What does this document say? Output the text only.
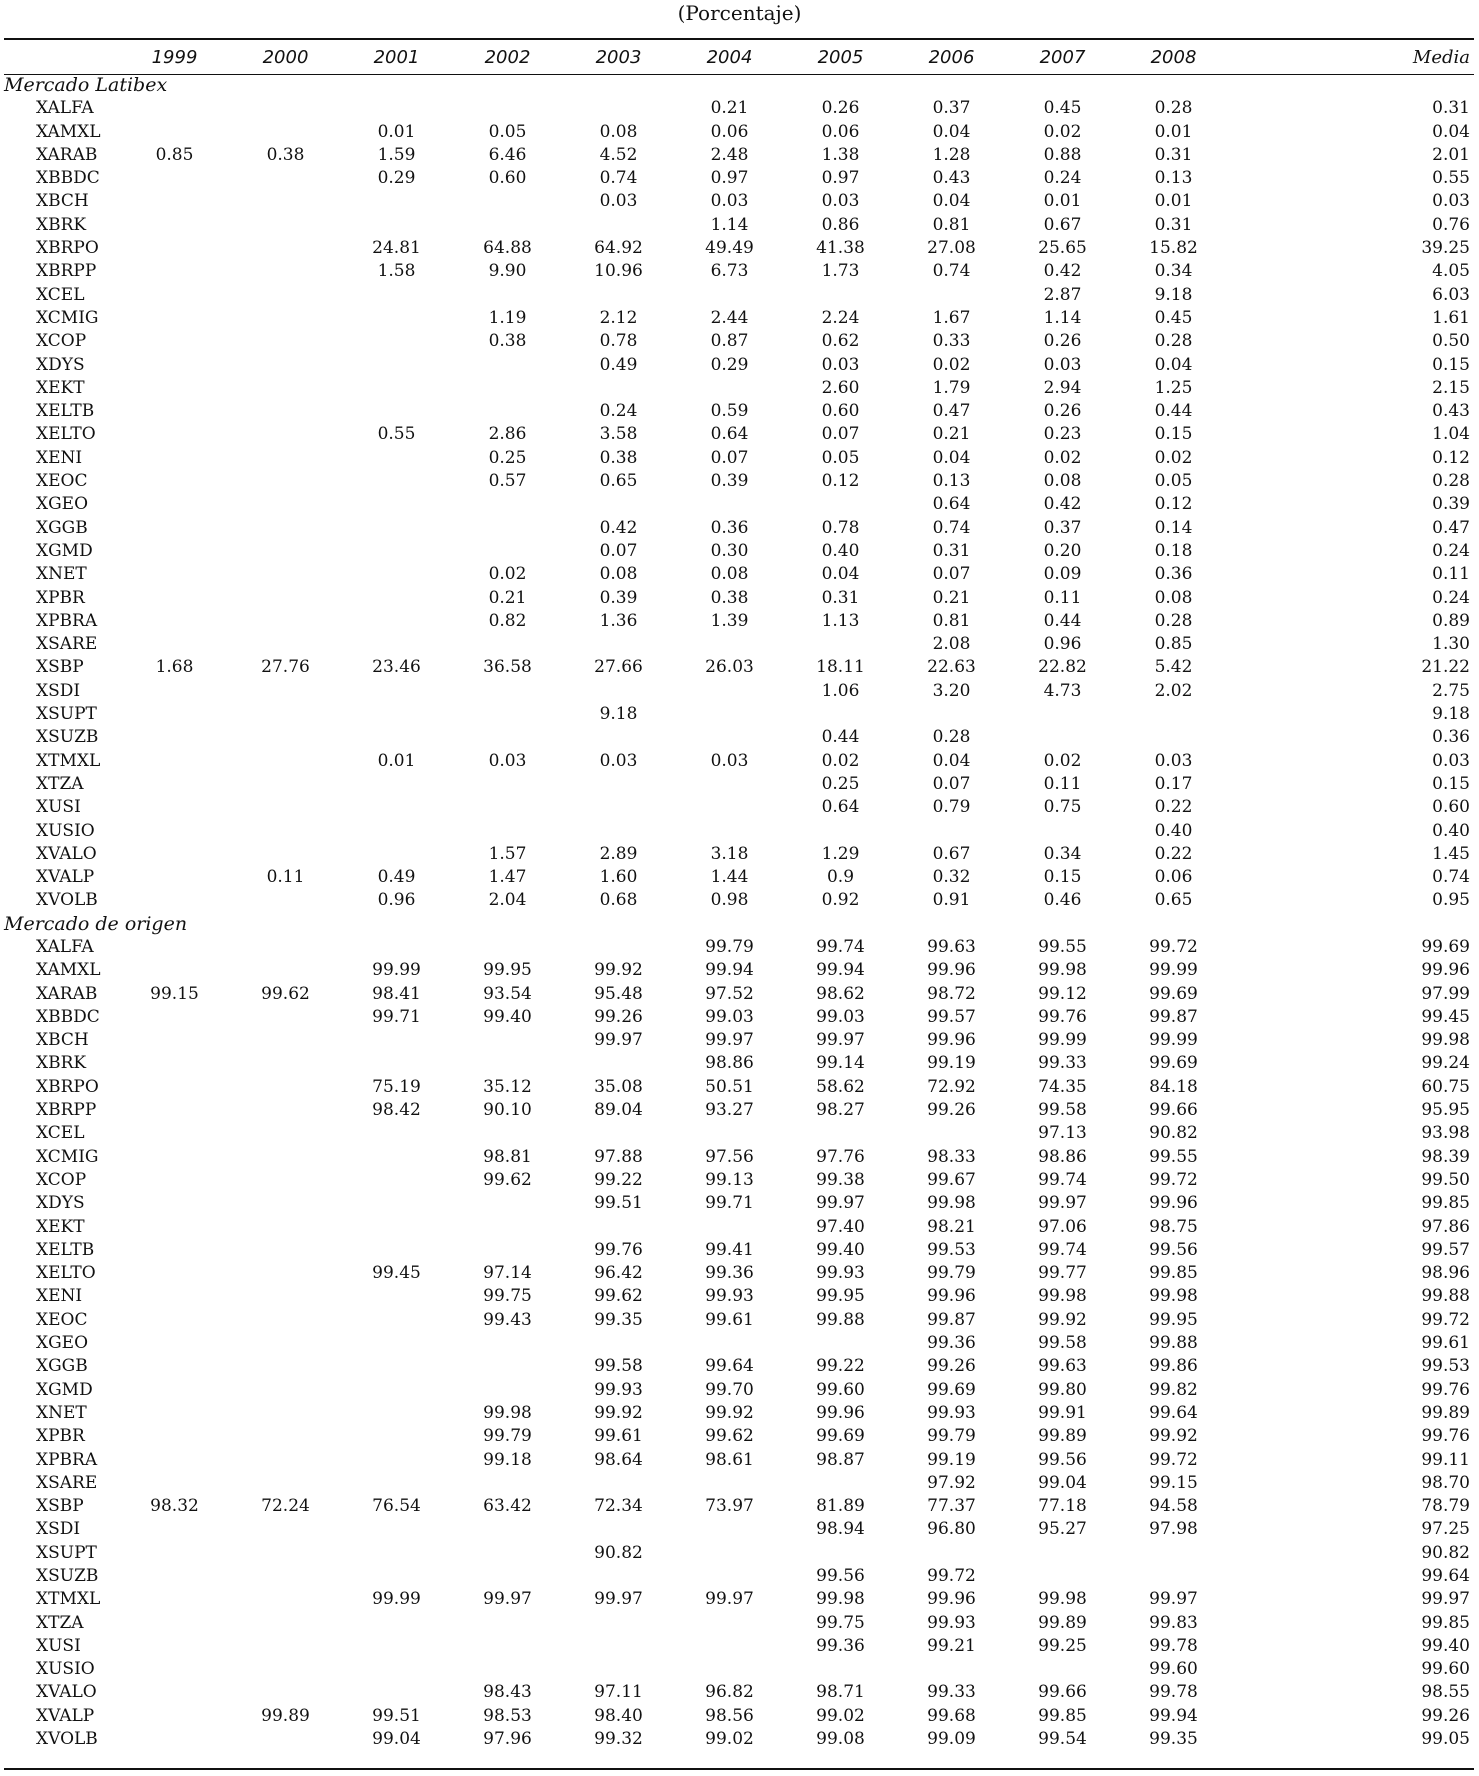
(Porcentaje)
	1999	2000	2001	2002	2003	2004	2005	2006	2007	2008	Media
Mercado Latibex											
XALFA						0.21	0.26	0.37	0.45	0.28	0.31
XAMXL			0.01	0.05	0.08	0.06	0.06	0.04	0.02	0.01	0.04
XARAB	0.85	0.38	1.59	6.46	4.52	2.48	1.38	1.28	0.88	0.31	2.01
XBBDC			0.29	0.60	0.74	0.97	0.97	0.43	0.24	0.13	0.55
XBCH					0.03	0.03	0.03	0.04	0.01	0.01	0.03
XBRK						1.14	0.86	0.81	0.67	0.31	0.76
XBRPO			24.81	64.88	64.92	49.49	41.38	27.08	25.65	15.82	39.25
XBRPP			1.58	9.90	10.96	6.73	1.73	0.74	0.42	0.34	4.05
XCEL									2.87	9.18	6.03
XCMIG				1.19	2.12	2.44	2.24	1.67	1.14	0.45	1.61
XCOP				0.38	0.78	0.87	0.62	0.33	0.26	0.28	0.50
XDYS					0.49	0.29	0.03	0.02	0.03	0.04	0.15
XEKT							2.60	1.79	2.94	1.25	2.15
XELTB					0.24	0.59	0.60	0.47	0.26	0.44	0.43
XELTO			0.55	2.86	3.58	0.64	0.07	0.21	0.23	0.15	1.04
XENI				0.25	0.38	0.07	0.05	0.04	0.02	0.02	0.12
XEOC				0.57	0.65	0.39	0.12	0.13	0.08	0.05	0.28
XGEO								0.64	0.42	0.12	0.39
XGGB					0.42	0.36	0.78	0.74	0.37	0.14	0.47
XGMD					0.07	0.30	0.40	0.31	0.20	0.18	0.24
XNET				0.02	0.08	0.08	0.04	0.07	0.09	0.36	0.11
XPBR				0.21	0.39	0.38	0.31	0.21	0.11	0.08	0.24
XPBRA				0.82	1.36	1.39	1.13	0.81	0.44	0.28	0.89
XSARE								2.08	0.96	0.85	1.30
XSBP	1.68	27.76	23.46	36.58	27.66	26.03	18.11	22.63	22.82	5.42	21.22
XSDI							1.06	3.20	4.73	2.02	2.75
XSUPT					9.18						9.18
XSUZB							0.44	0.28			0.36
XTMXL			0.01	0.03	0.03	0.03	0.02	0.04	0.02	0.03	0.03
XTZA							0.25	0.07	0.11	0.17	0.15
XUSI							0.64	0.79	0.75	0.22	0.60
XUSIO										0.40	0.40
XVALO				1.57	2.89	3.18	1.29	0.67	0.34	0.22	1.45
XVALP		0.11	0.49	1.47	1.60	1.44	0.9	0.32	0.15	0.06	0.74
XVOLB			0.96	2.04	0.68	0.98	0.92	0.91	0.46	0.65	0.95
Mercado de origen											
XALFA						99.79	99.74	99.63	99.55	99.72	99.69
XAMXL			99.99	99.95	99.92	99.94	99.94	99.96	99.98	99.99	99.96
XARAB	99.15	99.62	98.41	93.54	95.48	97.52	98.62	98.72	99.12	99.69	97.99
XBBDC			99.71	99.40	99.26	99.03	99.03	99.57	99.76	99.87	99.45
XBCH					99.97	99.97	99.97	99.96	99.99	99.99	99.98
XBRK						98.86	99.14	99.19	99.33	99.69	99.24
XBRPO			75.19	35.12	35.08	50.51	58.62	72.92	74.35	84.18	60.75
XBRPP			98.42	90.10	89.04	93.27	98.27	99.26	99.58	99.66	95.95
XCEL									97.13	90.82	93.98
XCMIG				98.81	97.88	97.56	97.76	98.33	98.86	99.55	98.39
XCOP				99.62	99.22	99.13	99.38	99.67	99.74	99.72	99.50
XDYS					99.51	99.71	99.97	99.98	99.97	99.96	99.85
XEKT							97.40	98.21	97.06	98.75	97.86
XELTB					99.76	99.41	99.40	99.53	99.74	99.56	99.57
XELTO			99.45	97.14	96.42	99.36	99.93	99.79	99.77	99.85	98.96
XENI				99.75	99.62	99.93	99.95	99.96	99.98	99.98	99.88
XEOC				99.43	99.35	99.61	99.88	99.87	99.92	99.95	99.72
XGEO								99.36	99.58	99.88	99.61
XGGB					99.58	99.64	99.22	99.26	99.63	99.86	99.53
XGMD					99.93	99.70	99.60	99.69	99.80	99.82	99.76
XNET				99.98	99.92	99.92	99.96	99.93	99.91	99.64	99.89
XPBR				99.79	99.61	99.62	99.69	99.79	99.89	99.92	99.76
XPBRA				99.18	98.64	98.61	98.87	99.19	99.56	99.72	99.11
XSARE								97.92	99.04	99.15	98.70
XSBP	98.32	72.24	76.54	63.42	72.34	73.97	81.89	77.37	77.18	94.58	78.79
XSDI							98.94	96.80	95.27	97.98	97.25
XSUPT					90.82						90.82
XSUZB							99.56	99.72			99.64
XTMXL			99.99	99.97	99.97	99.97	99.98	99.96	99.98	99.97	99.97
XTZA							99.75	99.93	99.89	99.83	99.85
XUSI							99.36	99.21	99.25	99.78	99.40
XUSIO										99.60	99.60
XVALO				98.43	97.11	96.82	98.71	99.33	99.66	99.78	98.55
XVALP		99.89	99.51	98.53	98.40	98.56	99.02	99.68	99.85	99.94	99.26
XVOLB			99.04	97.96	99.32	99.02	99.08	99.09	99.54	99.35	99.05
